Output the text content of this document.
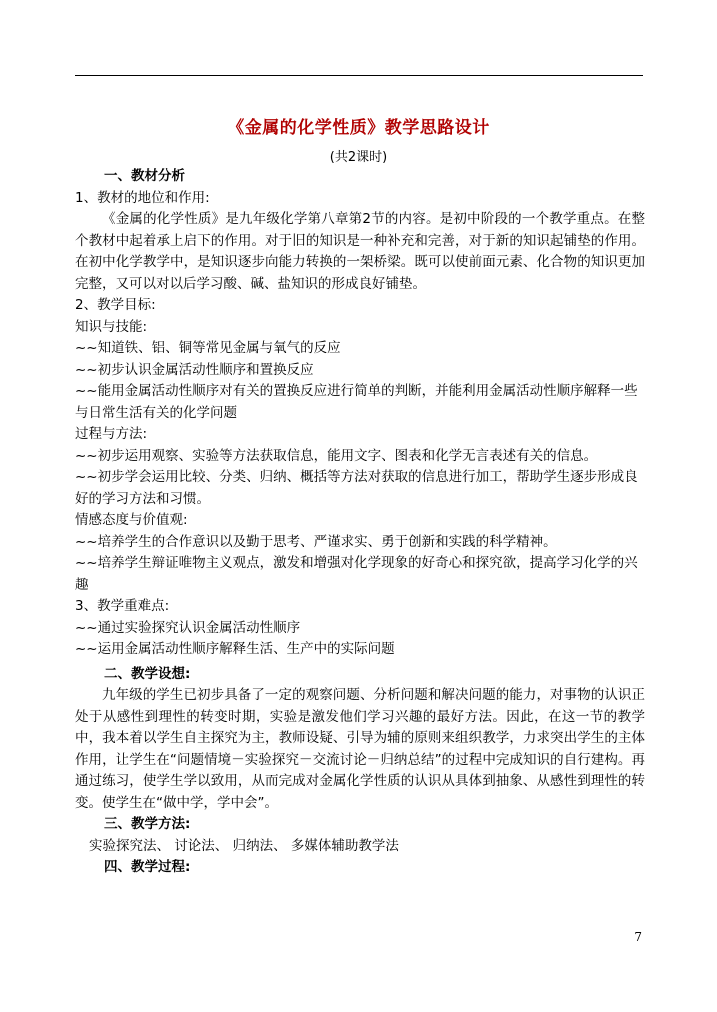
《金属的化学性质》教学思路设计
(共2课时)

一、教材分析

1、教材的地位和作用:

《金属的化学性质》是九年级化学第八章第2节的内容。是初中阶段的一个教学重点。在整个教材中起着承上启下的作用。对于旧的知识是一种补充和完善，对于新的知识起铺垫的作用。在初中化学教学中，是知识逐步向能力转换的一架桥梁。既可以使前面元素、化合物的知识更加完整，又可以对以后学习酸、碱、盐知识的形成良好铺垫。

2、教学目标:

知识与技能:

~~知道铁、铝、铜等常见金属与氧气的反应

~~初步认识金属活动性顺序和置换反应

~~能用金属活动性顺序对有关的置换反应进行简单的判断，并能利用金属活动性顺序解释一些与日常生活有关的化学问题

过程与方法:

~~初步运用观察、实验等方法获取信息，能用文字、图表和化学无言表述有关的信息。

~~初步学会运用比较、分类、归纳、概括等方法对获取的信息进行加工，帮助学生逐步形成良好的学习方法和习惯。

情感态度与价值观:

~~培养学生的合作意识以及勤于思考、严谨求实、勇于创新和实践的科学精神。

~~培养学生辩证唯物主义观点，激发和增强对化学现象的好奇心和探究欲，提高学习化学的兴趣

3、教学重难点:

~~通过实验探究认识金属活动性顺序

~~运用金属活动性顺序解释生活、生产中的实际问题

二、教学设想:

九年级的学生已初步具备了一定的观察问题、分析问题和解决问题的能力，对事物的认识正处于从感性到理性的转变时期，实验是激发他们学习兴趣的最好方法。因此，在这一节的教学中，我本着以学生自主探究为主，教师设疑、引导为辅的原则来组织教学，力求突出学生的主体作用，让学生在“问题情境－实验探究－交流讨论－归纳总结”的过程中完成知识的自行建构。再通过练习，使学生学以致用，从而完成对金属化学性质的认识从具体到抽象、从感性到理性的转变。使学生在“做中学，学中会”。

三、教学方法:

实验探究法、 讨论法、 归纳法、 多媒体辅助教学法

四、教学过程:

7
